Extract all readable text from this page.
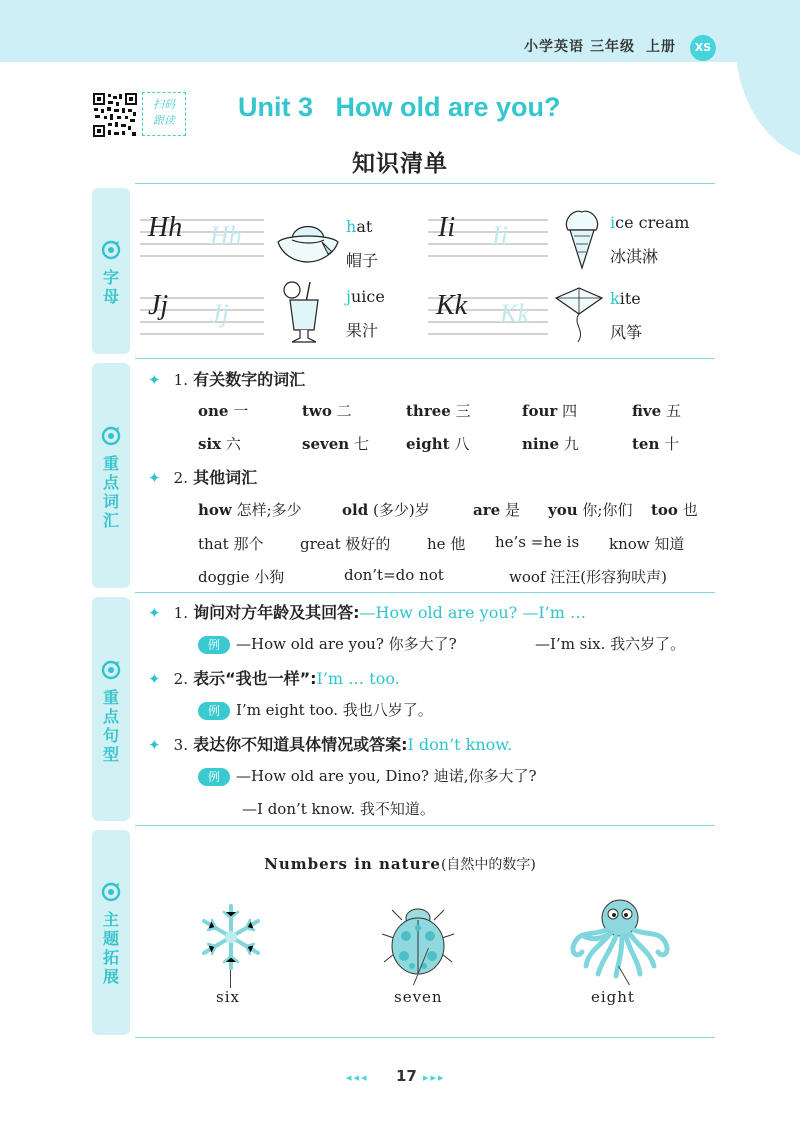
小学英语 三年级 上册	XS
扫码
跟读	Unit 3   How old are you?
知识清单
字母
重点词汇
重点句型
主题拓展
Hh
Hh	Ii
Ii
Jj
Jj	Kk
Kk
hat
帽子
ice cream
冰淇淋
juice
果汁
kite
风筝
✦ 1. 有关数字的词汇
one 一	two 二	three 三	four 四	five 五
six 六	seven 七 eight 八	nine 九	ten 十
✦ 2. 其他词汇
how 怎样;多少	old (多少)岁	are 是 you 你;你们 too 也
that 那个 great 极好的 he 他 he’s =he is know 知道
doggie 小狗	don’t=do not	woof 汪汪(形容狗吠声)
✦ 1. 询问对方年龄及其回答:—How old are you? —I’m …
例 —How old are you? 你多大了?	—I’m six. 我六岁了。
✦ 2. 表示“我也一样”:I’m … too.
例 I’m eight too. 我也八岁了。
✦ 3. 表达你不知道具体情况或答案:I don’t know.
例 —How old are you, Dino? 迪诺,你多大了?
—I don’t know. 我不知道。
Numbers in nature(自然中的数字)
six	seven	eight
◂◂◂ 17 ▸▸▸
